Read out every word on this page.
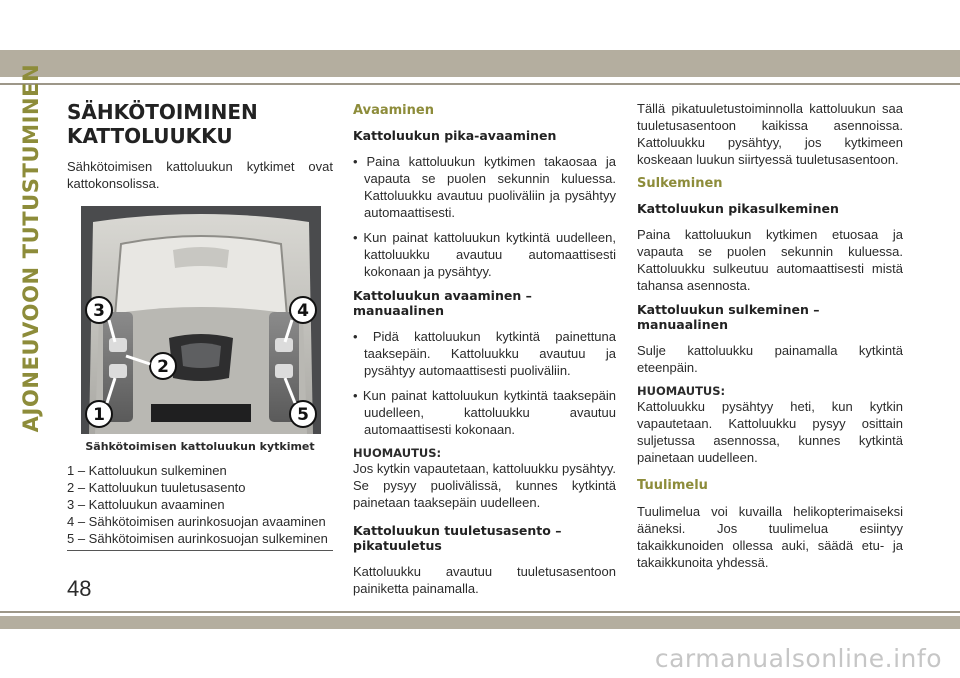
AJONEUVOON TUTUSTUMINEN SÄHKÖTOIMINEN
KATTOLUUKKU

Sähkötoimisen kattoluukun kytkimet ovat kattokonsolissa.

3	4
2
1	5
Sähkötoimisen kattoluukun kytkimet
1 – Kattoluukun sulkeminen
2 – Kattoluukun tuuletusasento
3 – Kattoluukun avaaminen
4 – Sähkötoimisen aurinkosuojan avaaminen
5 – Sähkötoimisen aurinkosuojan sulkeminen
Avaaminen
Kattoluukun pika-avaaminen

• Paina kattoluukun kytkimen takaosaa ja vapauta se puolen sekunnin kuluessa. Kattoluukku avautuu puoliväliin ja pysähtyy automaattisesti.

• Kun painat kattoluukun kytkintä uudelleen, kattoluukku avautuu automaattisesti kokonaan ja pysähtyy.

Kattoluukun avaaminen – manuaalinen

• Pidä kattoluukun kytkintä painettuna taaksepäin. Kattoluukku avautuu ja pysähtyy automaattisesti puoliväliin.

• Kun painat kattoluukun kytkintä taaksepäin uudelleen, kattoluukku avautuu automaattisesti kokonaan.

HUOMAUTUS:

Jos kytkin vapautetaan, kattoluukku pysähtyy. Se pysyy puolivälissä, kunnes kytkintä painetaan taaksepäin uudelleen.

Kattoluukun tuuletusasento – pikatuuletus

Kattoluukku avautuu tuuletusasentoon painiketta painamalla.

Tällä pikatuuletustoiminnolla kattoluukun saa tuuletusasentoon kaikissa asennoissa. Kattoluukku pysähtyy, jos kytkimeen koskeaan luukun siirtyessä tuuletusasentoon.

Sulkeminen
Kattoluukun pikasulkeminen

Paina kattoluukun kytkimen etuosaa ja vapauta se puolen sekunnin kuluessa. Kattoluukku sulkeutuu automaattisesti mistä tahansa asennosta.

Kattoluukun sulkeminen – manuaalinen

Sulje kattoluukku painamalla kytkintä eteenpäin.

HUOMAUTUS:

Kattoluukku pysähtyy heti, kun kytkin vapautetaan. Kattoluukku pysyy osittain suljetussa asennossa, kunnes kytkintä painetaan uudelleen.

Tuulimelu

Tuulimelua voi kuvailla helikopterimaiseksi ääneksi. Jos tuulimelua esiintyy takaikkunoiden ollessa auki, säädä etu- ja takaikkunoita yhdessä.

48
carmanualsonline.info
